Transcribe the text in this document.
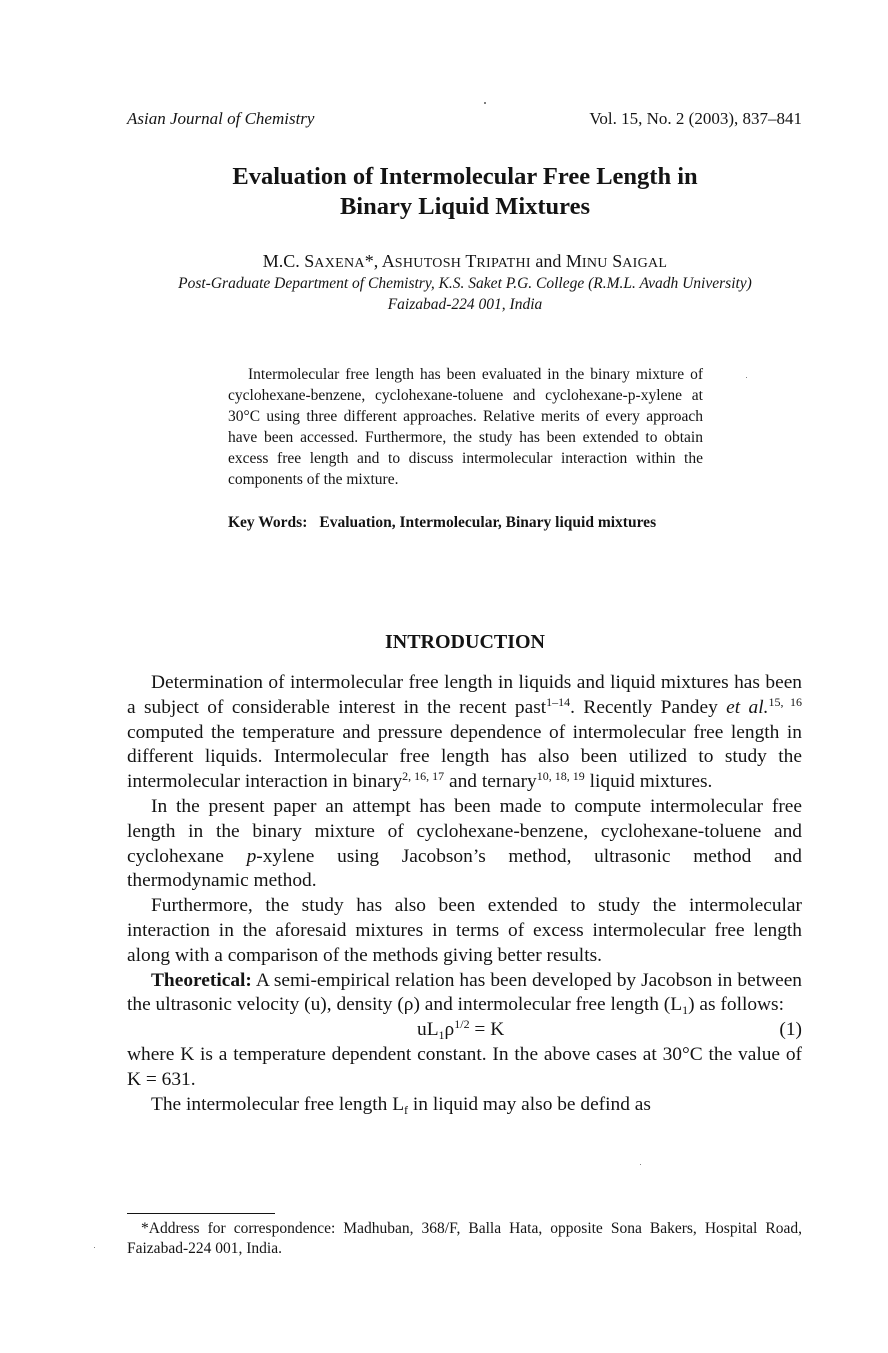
Asian Journal of Chemistry	Vol. 15, No. 2 (2003), 837–841
Evaluation of Intermolecular Free Length in
Binary Liquid Mixtures
M.C. SAXENA*, ASHUTOSH TRIPATHI and MINU SAIGAL
Post-Graduate Department of Chemistry, K.S. Saket P.G. College (R.M.L. Avadh University)
Faizabad-224 001, India
Intermolecular free length has been evaluated in the binary mixture of cyclohexane-benzene, cyclohexane-toluene and cyclohexane-p-xylene at 30°C using three different approaches. Relative merits of every approach have been accessed. Furthermore, the study has been extended to obtain excess free length and to discuss intermolecular interaction within the components of the mixture.
Key Words: Evaluation, Intermolecular, Binary liquid mixtures
INTRODUCTION

Determination of intermolecular free length in liquids and liquid mixtures has been a subject of considerable interest in the recent past$^{1-14}$. Recently Pandey et al.$^{15, 16}$ computed the temperature and pressure dependence of intermolecular free length in different liquids. Intermolecular free length has also been utilized to study the intermolecular interaction in binary$^{2, 16, 17}$ and ternary$^{10, 18, 19}$ liquid mixtures.

In the present paper an attempt has been made to compute intermolecular free length in the binary mixture of cyclohexane-benzene, cyclohexane-toluene and cyclohexane p-xylene using Jacobson’s method, ultrasonic method and thermodynamic method.

Furthermore, the study has also been extended to study the intermolecular interaction in the aforesaid mixtures in terms of excess intermolecular free length along with a comparison of the methods giving better results.

Theoretical: A semi-empirical relation has been developed by Jacobson in between the ultrasonic velocity (u), density (ρ) and intermolecular free length $(L_1)$ as follows:

$uL_1\rho^{1/2} = K$	(1)

where K is a temperature dependent constant. In the above cases at 30°C the value of K = 631.

The intermolecular free length $L_f$ in liquid may also be defind as

*Address for correspondence: Madhuban, 368/F, Balla Hata, opposite Sona Bakers, Hospital Road, Faizabad-224 001, India.
